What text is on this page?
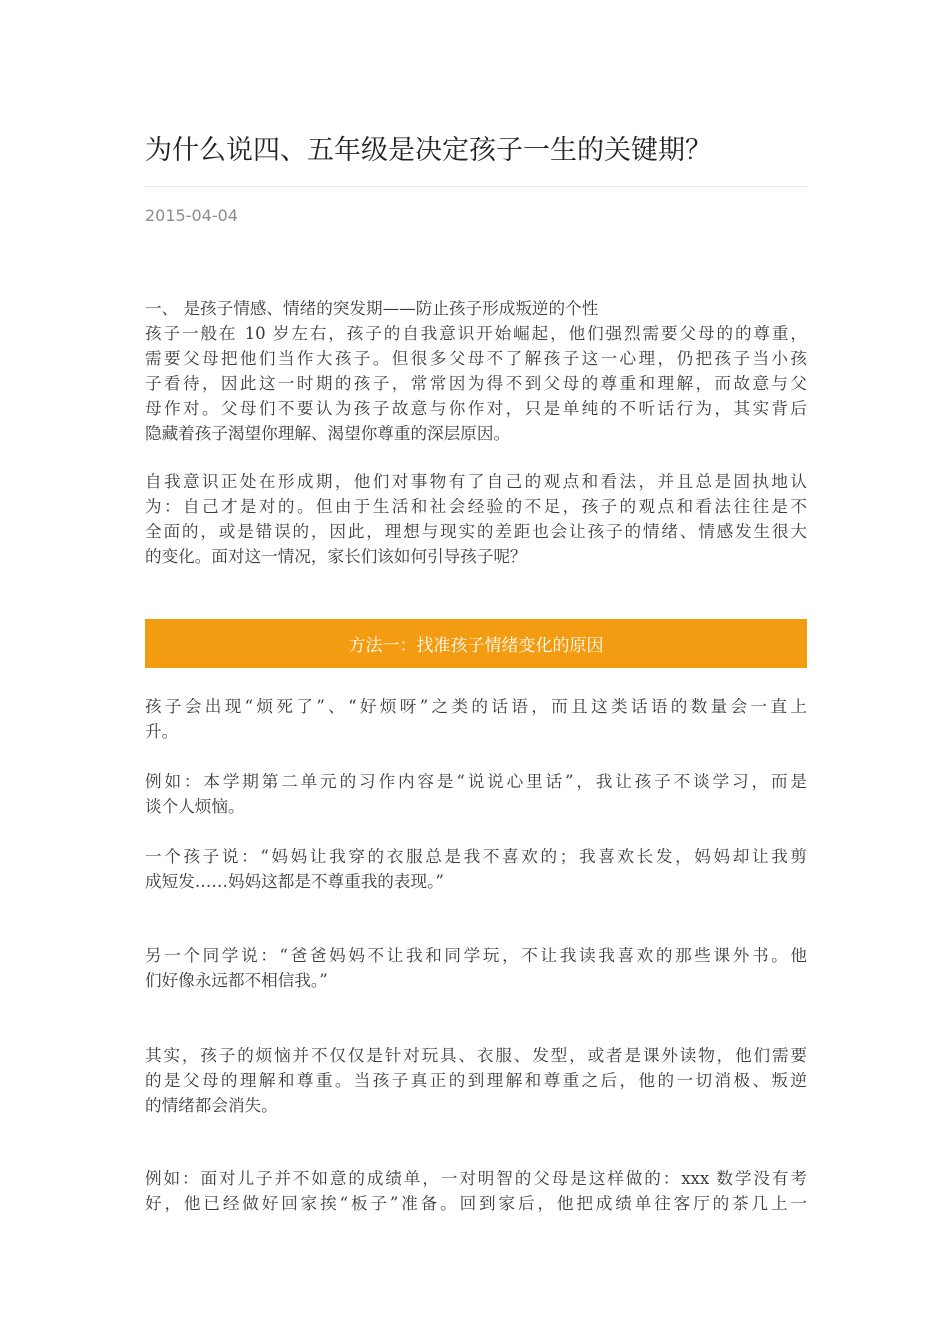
为什么说四、五年级是决定孩子一生的关键期？
2015-04-04
一、 是孩子情感、情绪的突发期——防止孩子形成叛逆的个性
孩子一般在 10 岁左右，孩子的自我意识开始崛起，他们强烈需要父母的的尊重，
需要父母把他们当作大孩子。但很多父母不了解孩子这一心理，仍把孩子当小孩
子看待，因此这一时期的孩子，常常因为得不到父母的尊重和理解，而故意与父
母作对。父母们不要认为孩子故意与你作对，只是单纯的不听话行为，其实背后
隐藏着孩子渴望你理解、渴望你尊重的深层原因。
自我意识正处在形成期，他们对事物有了自己的观点和看法，并且总是固执地认
为：自己才是对的。但由于生活和社会经验的不足，孩子的观点和看法往往是不
全面的，或是错误的，因此，理想与现实的差距也会让孩子的情绪、情感发生很大
的变化。面对这一情况，家长们该如何引导孩子呢？
方法一：找准孩子情绪变化的原因
孩子会出现“烦死了”、“好烦呀”之类的话语，而且这类话语的数量会一直上
升。
例如：本学期第二单元的习作内容是“说说心里话”，我让孩子不谈学习，而是
谈个人烦恼。
一个孩子说：“妈妈让我穿的衣服总是我不喜欢的；我喜欢长发，妈妈却让我剪
成短发……妈妈这都是不尊重我的表现。”
另一个同学说：“爸爸妈妈不让我和同学玩，不让我读我喜欢的那些课外书。他
们好像永远都不相信我。”
其实，孩子的烦恼并不仅仅是针对玩具、衣服、发型，或者是课外读物，他们需要
的是父母的理解和尊重。当孩子真正的到理解和尊重之后，他的一切消极、叛逆
的情绪都会消失。
例如：面对儿子并不如意的成绩单，一对明智的父母是这样做的：xxx 数学没有考
好，他已经做好回家挨“板子”准备。回到家后，他把成绩单往客厅的茶几上一
